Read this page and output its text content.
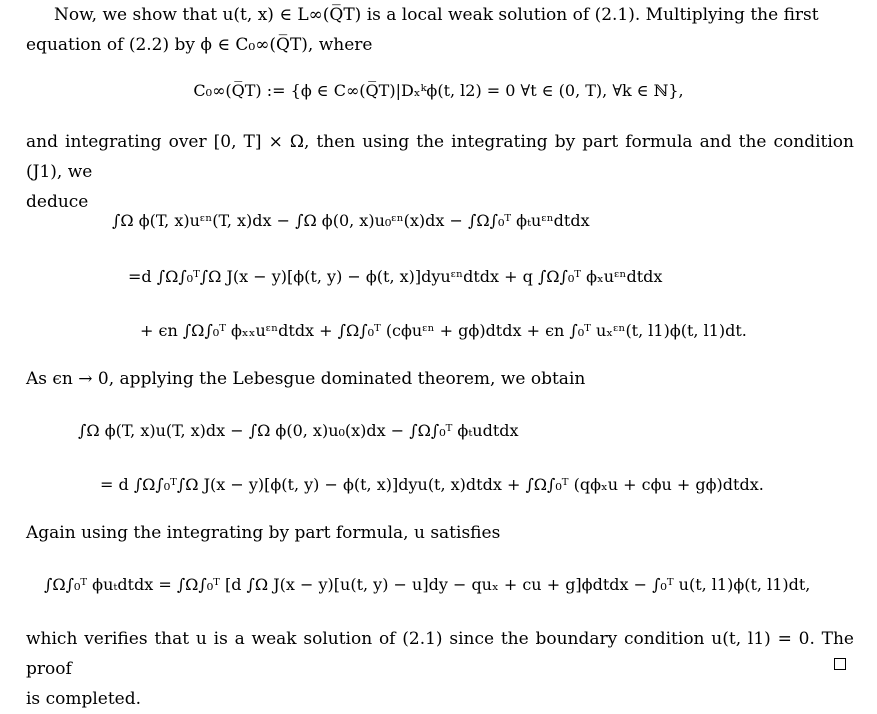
Now, we show that u(t, x) ∈ L∞(Q̅T) is a local weak solution of (2.1). Multiplying the first
equation of (2.2) by ϕ ∈ C₀∞(Q̅T), where
C₀∞(Q̅T) := {ϕ ∈ C∞(Q̅T)|Dₓᵏϕ(t, l2) = 0 ∀t ∈ (0, T), ∀k ∈ ℕ},
and integrating over [0, T] × Ω, then using the integrating by part formula and the condition (J1), we
deduce
∫Ω ϕ(T, x)uᵋⁿ(T, x)dx − ∫Ω ϕ(0, x)u₀ᵋⁿ(x)dx − ∫Ω∫₀ᵀ ϕₜuᵋⁿdtdx
=d ∫Ω∫₀ᵀ∫Ω J(x − y)[ϕ(t, y) − ϕ(t, x)]dyuᵋⁿdtdx + q ∫Ω∫₀ᵀ ϕₓuᵋⁿdtdx
+ ϵn ∫Ω∫₀ᵀ ϕₓₓuᵋⁿdtdx + ∫Ω∫₀ᵀ (cϕuᵋⁿ + gϕ)dtdx + ϵn ∫₀ᵀ uₓᵋⁿ(t, l1)ϕ(t, l1)dt.
As ϵn → 0, applying the Lebesgue dominated theorem, we obtain
∫Ω ϕ(T, x)u(T, x)dx − ∫Ω ϕ(0, x)u₀(x)dx − ∫Ω∫₀ᵀ ϕₜudtdx
= d ∫Ω∫₀ᵀ∫Ω J(x − y)[ϕ(t, y) − ϕ(t, x)]dyu(t, x)dtdx + ∫Ω∫₀ᵀ (qϕₓu + cϕu + gϕ)dtdx.
Again using the integrating by part formula, u satisfies
∫Ω∫₀ᵀ ϕuₜdtdx = ∫Ω∫₀ᵀ [d ∫Ω J(x − y)[u(t, y) − u]dy − quₓ + cu + g]ϕdtdx − ∫₀ᵀ u(t, l1)ϕ(t, l1)dt,
which verifies that u is a weak solution of (2.1) since the boundary condition u(t, l1) = 0. The proof
is completed.
